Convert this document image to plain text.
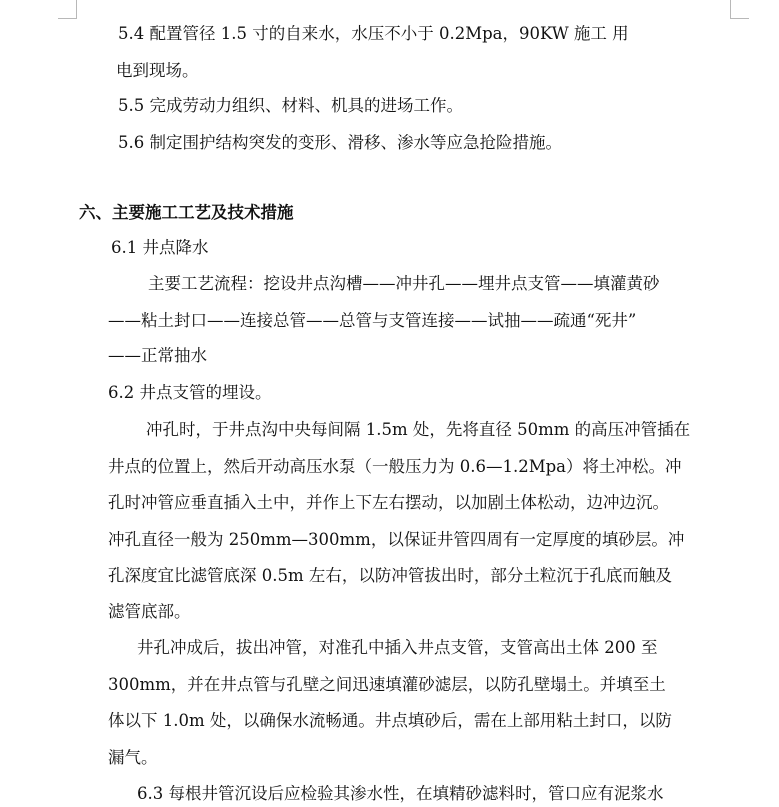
5.4 配置管径 1.5 寸的自来水，水压不小于 0.2Mpa，90KW 施工 用
电到现场。
5.5 完成劳动力组织、材料、机具的进场工作。
5.6 制定围护结构突发的变形、滑移、渗水等应急抢险措施。
六、主要施工工艺及技术措施
6.1 井点降水
主要工艺流程：挖设井点沟槽——冲井孔——埋井点支管——填灌黄砂
——粘土封口——连接总管——总管与支管连接——试抽——疏通“死井”
——正常抽水
6.2 井点支管的埋设。
冲孔时，于井点沟中央每间隔 1.5m 处，先将直径 50mm 的高压冲管插在
井点的位置上，然后开动高压水泵（一般压力为 0.6—1.2Mpa）将土冲松。冲
孔时冲管应垂直插入土中，并作上下左右摆动，以加剧土体松动，边冲边沉。
冲孔直径一般为 250mm—300mm，以保证井管四周有一定厚度的填砂层。冲
孔深度宜比滤管底深 0.5m 左右，以防冲管拔出时，部分土粒沉于孔底而触及
滤管底部。
井孔冲成后，拔出冲管，对准孔中插入井点支管，支管高出土体 200 至
300mm，并在井点管与孔壁之间迅速填灌砂滤层，以防孔壁塌土。并填至土
体以下 1.0m 处，以确保水流畅通。井点填砂后，需在上部用粘土封口，以防
漏气。
6.3 每根井管沉设后应检验其渗水性，在填精砂滤料时，管口应有泥浆水
